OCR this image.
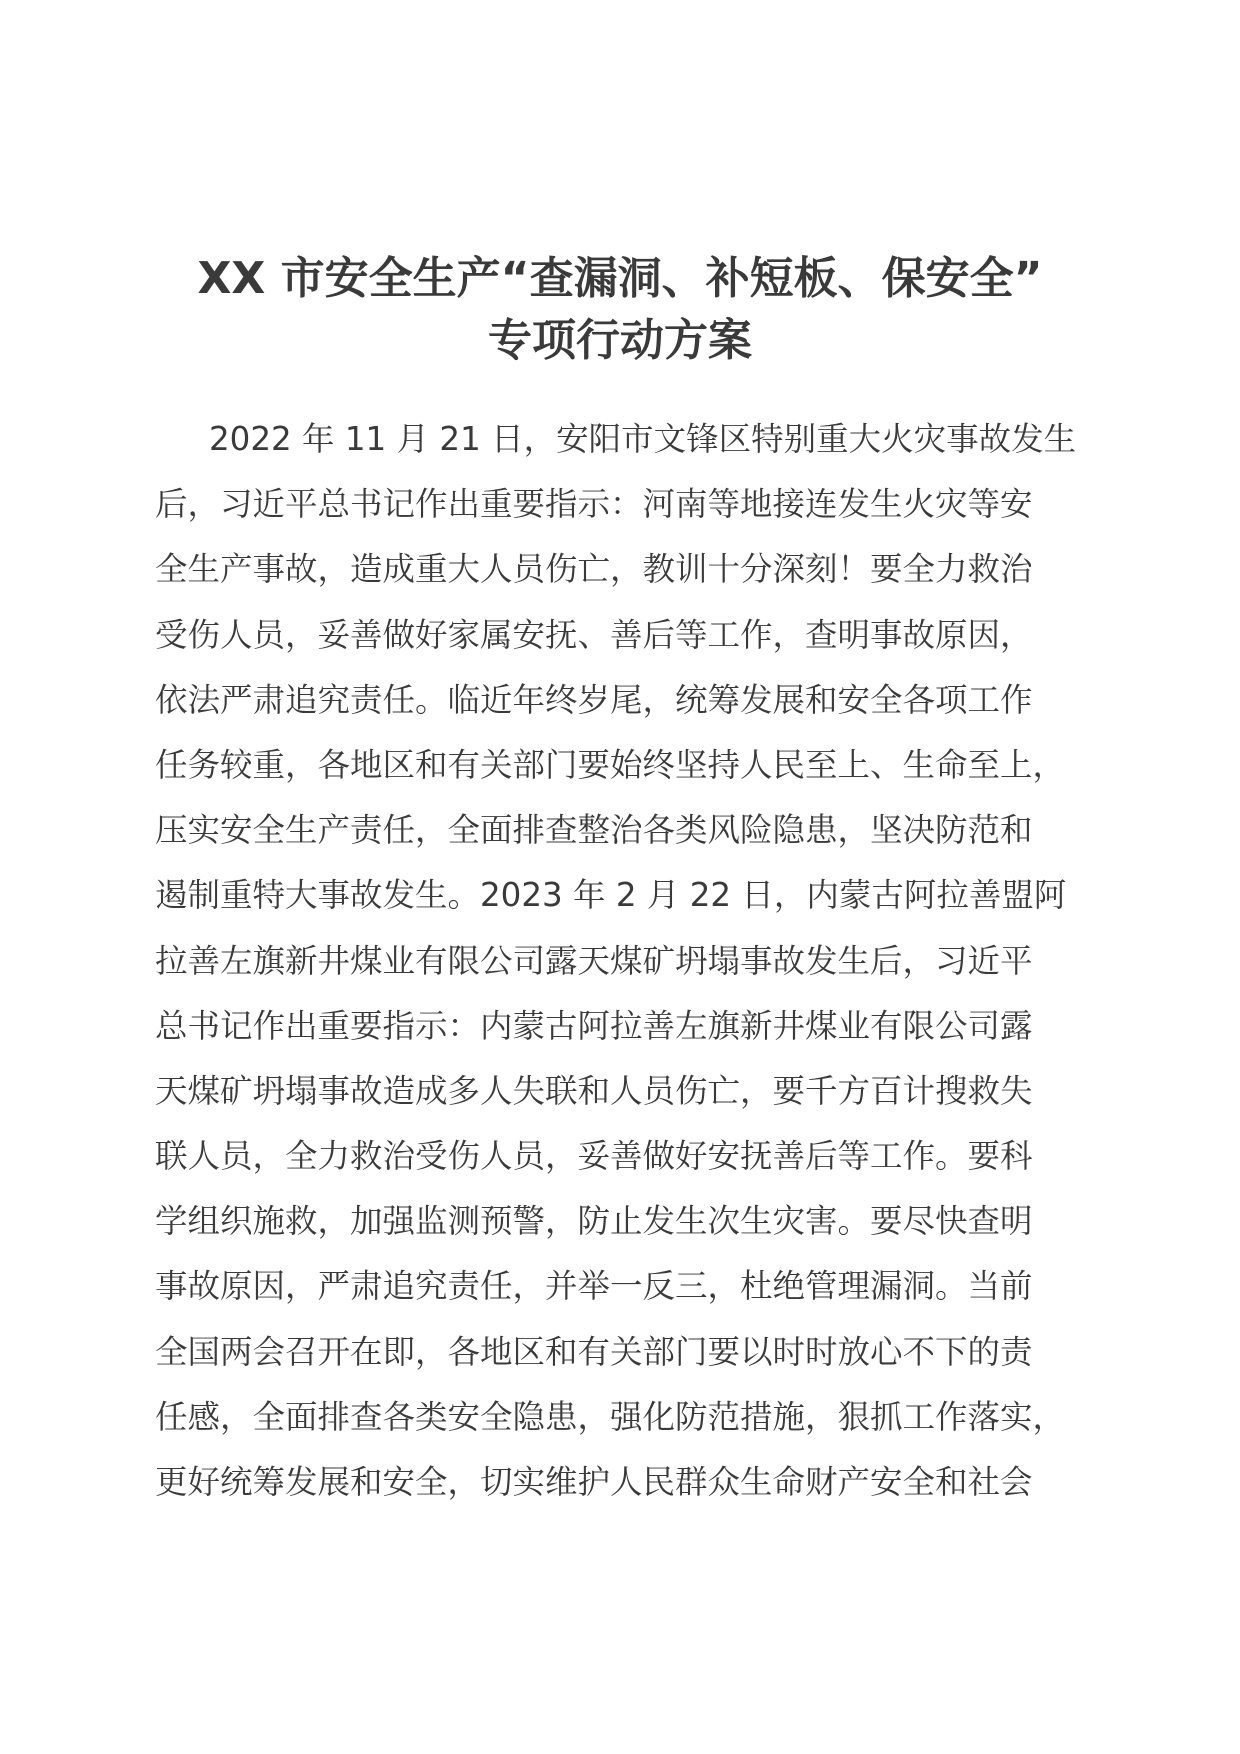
XX 市安全生产“查漏洞、补短板、保安全”
专项行动方案
2022 年 11 月 21 日，安阳市文锋区特别重大火灾事故发生
后，习近平总书记作出重要指示：河南等地接连发生火灾等安
全生产事故，造成重大人员伤亡，教训十分深刻！要全力救治
受伤人员，妥善做好家属安抚、善后等工作，查明事故原因，
依法严肃追究责任。临近年终岁尾，统筹发展和安全各项工作
任务较重，各地区和有关部门要始终坚持人民至上、生命至上，
压实安全生产责任，全面排查整治各类风险隐患，坚决防范和
遏制重特大事故发生。2023 年 2 月 22 日，内蒙古阿拉善盟阿
拉善左旗新井煤业有限公司露天煤矿坍塌事故发生后，习近平
总书记作出重要指示：内蒙古阿拉善左旗新井煤业有限公司露
天煤矿坍塌事故造成多人失联和人员伤亡，要千方百计搜救失
联人员，全力救治受伤人员，妥善做好安抚善后等工作。要科
学组织施救，加强监测预警，防止发生次生灾害。要尽快查明
事故原因，严肃追究责任，并举一反三，杜绝管理漏洞。当前
全国两会召开在即，各地区和有关部门要以时时放心不下的责
任感，全面排查各类安全隐患，强化防范措施，狠抓工作落实，
更好统筹发展和安全，切实维护人民群众生命财产安全和社会
